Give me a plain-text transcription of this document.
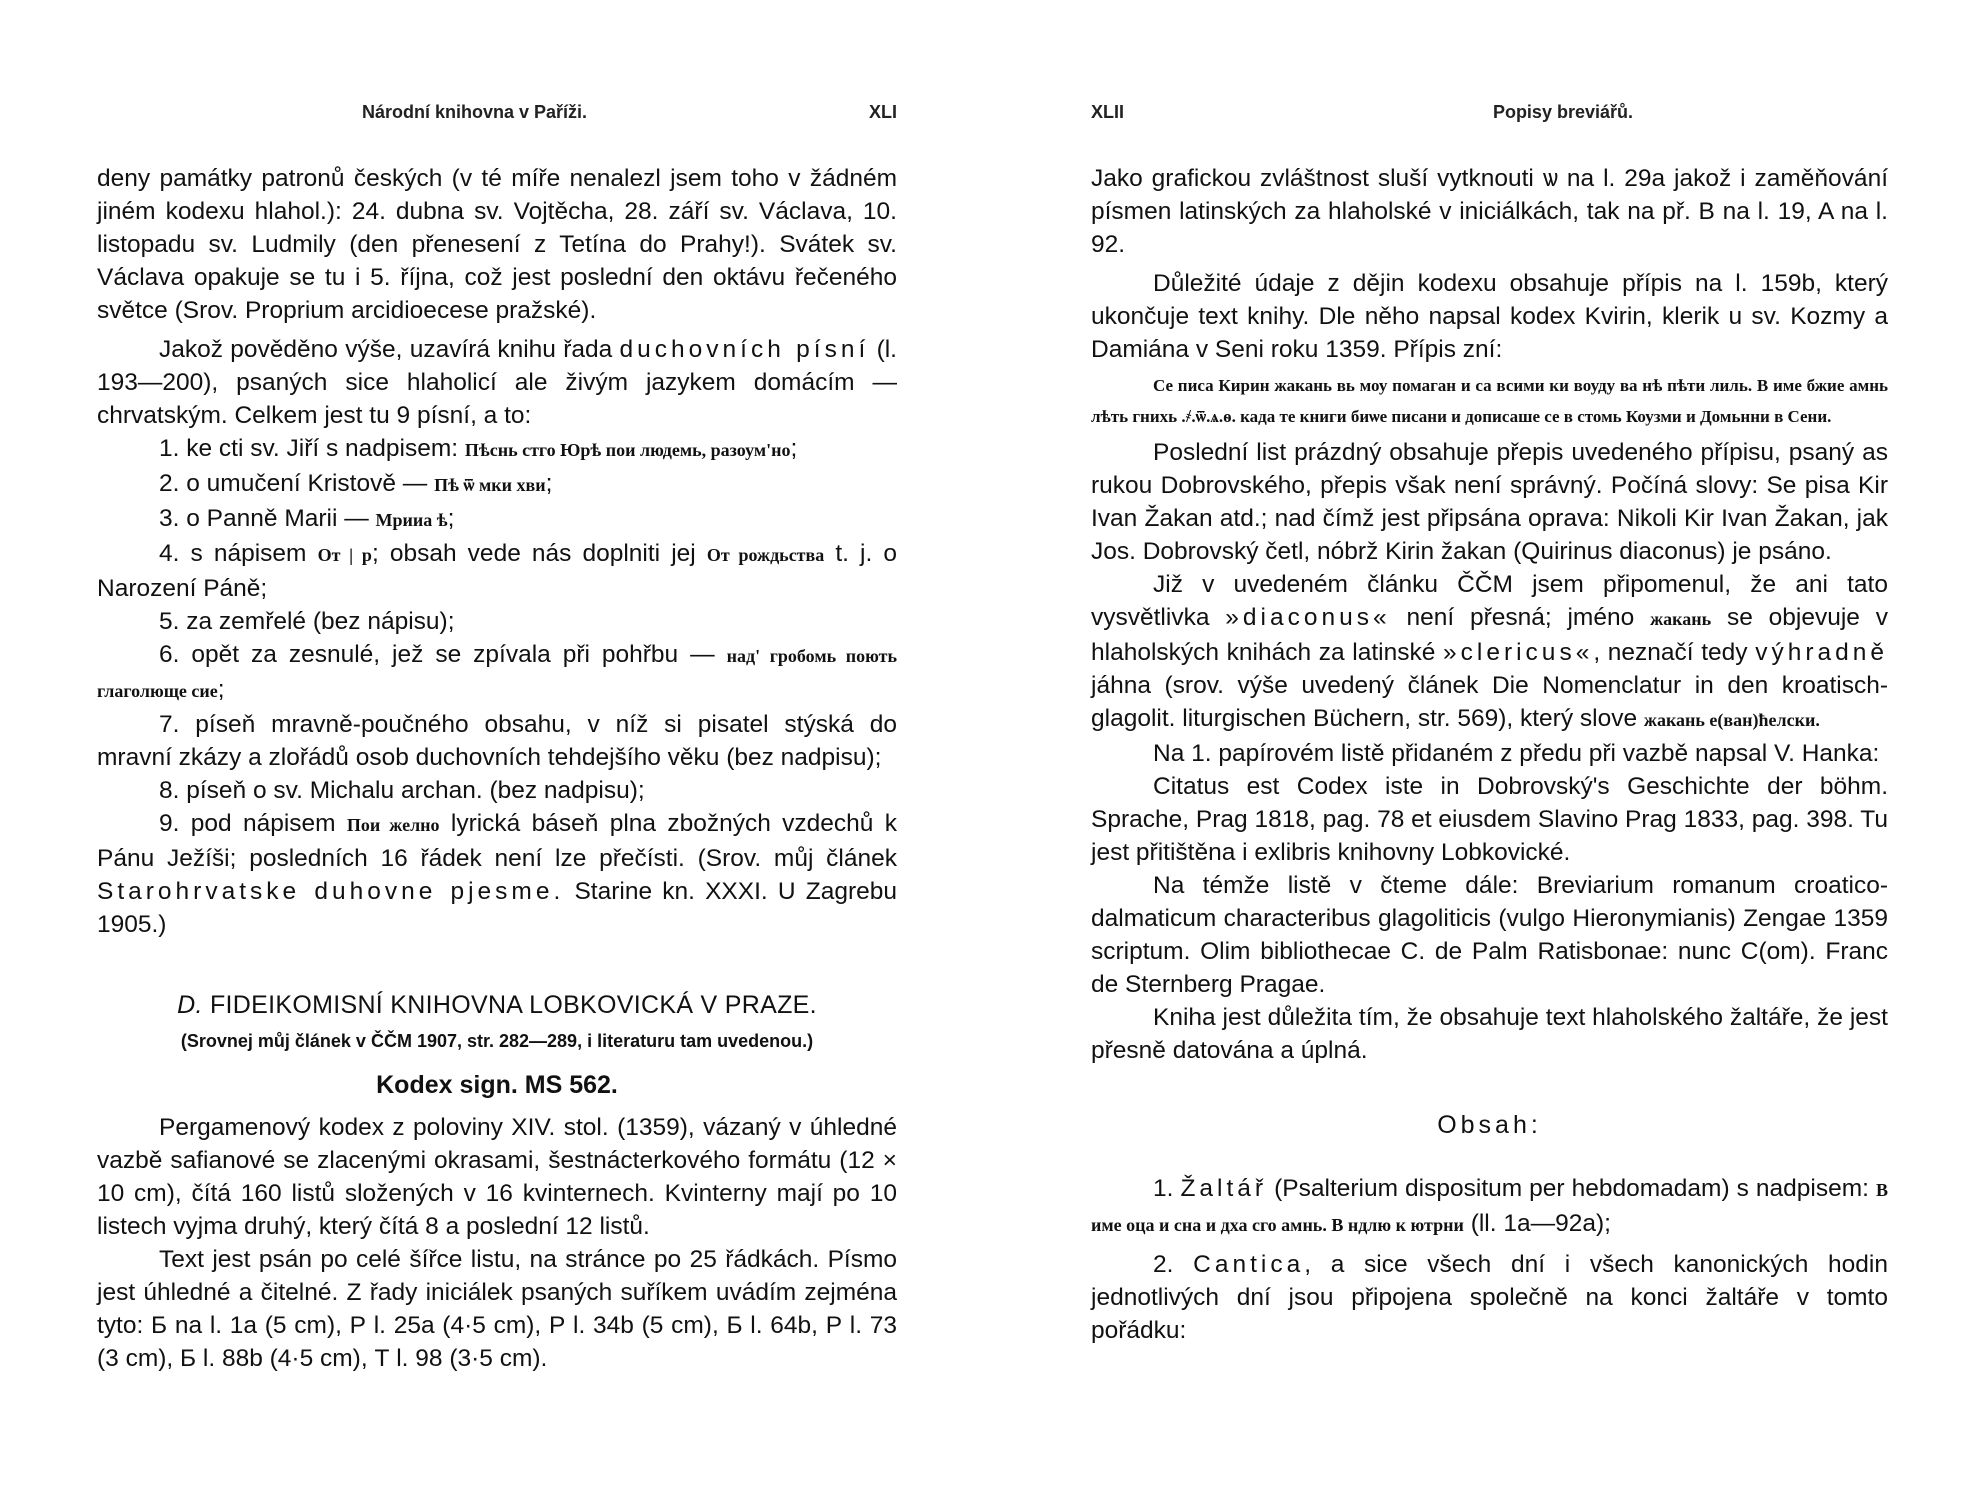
Národní knihovna v Paříži.	XLI

deny památky patronů českých (v té míře nenalezl jsem toho v žádném jiném kodexu hlahol.): 24. dubna sv. Vojtěcha, 28. září sv. Václava, 10. listopadu sv. Ludmily (den přenesení z Tetína do Prahy!). Svátek sv. Václava opakuje se tu i 5. října, což jest poslední den oktávu řečeného světce (Srov. Proprium arcidioecese pražské).

Jakož pověděno výše, uzavírá knihu řada duchovních písní (l. 193—200), psaných sice hlaholicí ale živým jazykem domácím — chrvatským. Celkem jest tu 9 písní, a to:

1. ke cti sv. Jiří s nadpisem: Пѣснь стго Юрѣ пои людемь, разоум'но;

2. o umučení Kristově — Пѣ ѿ мки хви;

3. o Panně Marii — Мрииа ѣ;

4. s nápisem От | р; obsah vede nás doplniti jej От рождьства t. j. o Narození Páně;

5. za zemřelé (bez nápisu);

6. opět za zesnulé, jež se zpívala při pohřbu — над' гробомь поють глаголюще сие;

7. píseň mravně-poučného obsahu, v níž si pisatel stýská do mravní zkázy a zlořádů osob duchovních tehdejšího věku (bez nadpisu);

8. píseň o sv. Michalu archan. (bez nadpisu);

9. pod nápisem Пои желно lyrická báseň plna zbožných vzdechů k Pánu Ježíši; posledních 16 řádek není lze přečísti. (Srov. můj článek Starohrvatske duhovne pjesme. Starine kn. XXXI. U Zagrebu 1905.)

D. FIDEIKOMISNÍ KNIHOVNA LOBKOVICKÁ V PRAZE.
(Srovnej můj článek v ČČM 1907, str. 282—289, i literaturu tam uvedenou.)
Kodex sign. MS 562.

Pergamenový kodex z poloviny XIV. stol. (1359), vázaný v úhledné vazbě safianové se zlacenými okrasami, šestnácterkového formátu (12 × 10 cm), čítá 160 listů složených v 16 kvinternech. Kvinterny mají po 10 listech vyjma druhý, který čítá 8 a poslední 12 listů.

Text jest psán po celé šířce listu, na stránce po 25 řádkách. Písmo jest úhledné a čitelné. Z řady iniciálek psaných suříkem uvádím zejména tyto: Б na l. 1a (5 cm), Р l. 25a (4·5 cm), Р l. 34b (5 cm), Б l. 64b, Р l. 73 (3 cm), Б l. 88b (4·5 cm), Т l. 98 (3·5 cm).

XLII	Popisy breviářů.

Jako grafickou zvláštnost sluší vytknouti ѡ na l. 29a jakož i zaměňování písmen latinských za hlaholské v iniciálkách, tak na př. B na l. 19, A na l. 92.

Důležité údaje z dějin kodexu obsahuje přípis na l. 159b, který ukončuje text knihy. Dle něho napsal kodex Kvirin, klerik u sv. Kozmy a Damiána v Seni roku 1359. Přípis zní:

Се писа Кирин жакань вь моу помаган и са всими ки воуду ва нѣ пѣти лиль. В име бжие амнь лѣть гнихь .҂.ѿ.ѧ.ѳ. када те книги биѡе писани и дописаше се в стомь Коузми и Домьнни в Сени.

Poslední list prázdný obsahuje přepis uvedeného přípisu, psaný as rukou Dobrovského, přepis však není správný. Počíná slovy: Se pisa Kir Ivan Žakan atd.; nad čímž jest připsána oprava: Nikoli Kir Ivan Žakan, jak Jos. Dobrovský četl, nóbrž Kirin žakan (Quirinus diaconus) je psáno.

Již v uvedeném článku ČČM jsem připomenul, že ani tato vysvětlivka »diaconus« není přesná; jméno жакань se objevuje v hlaholských knihách za latinské »clericus«, neznačí tedy výhradně jáhna (srov. výše uvedený článek Die Nomenclatur in den kroatisch-glagolit. liturgischen Büchern, str. 569), který slove жакань е(ван)ћелски.

Na 1. papírovém listě přidaném z předu při vazbě napsal V. Hanka:

Citatus est Codex iste in Dobrovský's Geschichte der böhm. Sprache, Prag 1818, pag. 78 et eiusdem Slavino Prag 1833, pag. 398. Tu jest přitištěna i exlibris knihovny Lobkovické.

Na témže listě v čteme dále: Breviarium romanum croatico-dalmaticum characteribus glagoliticis (vulgo Hieronymianis) Zengae 1359 scriptum. Olim bibliothecae C. de Palm Ratisbonae: nunc C(om). Franc de Sternberg Pragae.

Kniha jest důležita tím, že obsahuje text hlaholského žaltáře, že jest přesně datována a úplná.

Obsah:

1. Žaltář (Psalterium dispositum per hebdomadam) s nadpisem: В име оца и сна и дха сго амнь. В ндлю к ютрни (ll. 1a—92a);

2. Cantica, a sice všech dní i všech kanonických hodin jednotlivých dní jsou připojena společně na konci žaltáře v tomto pořádku:
